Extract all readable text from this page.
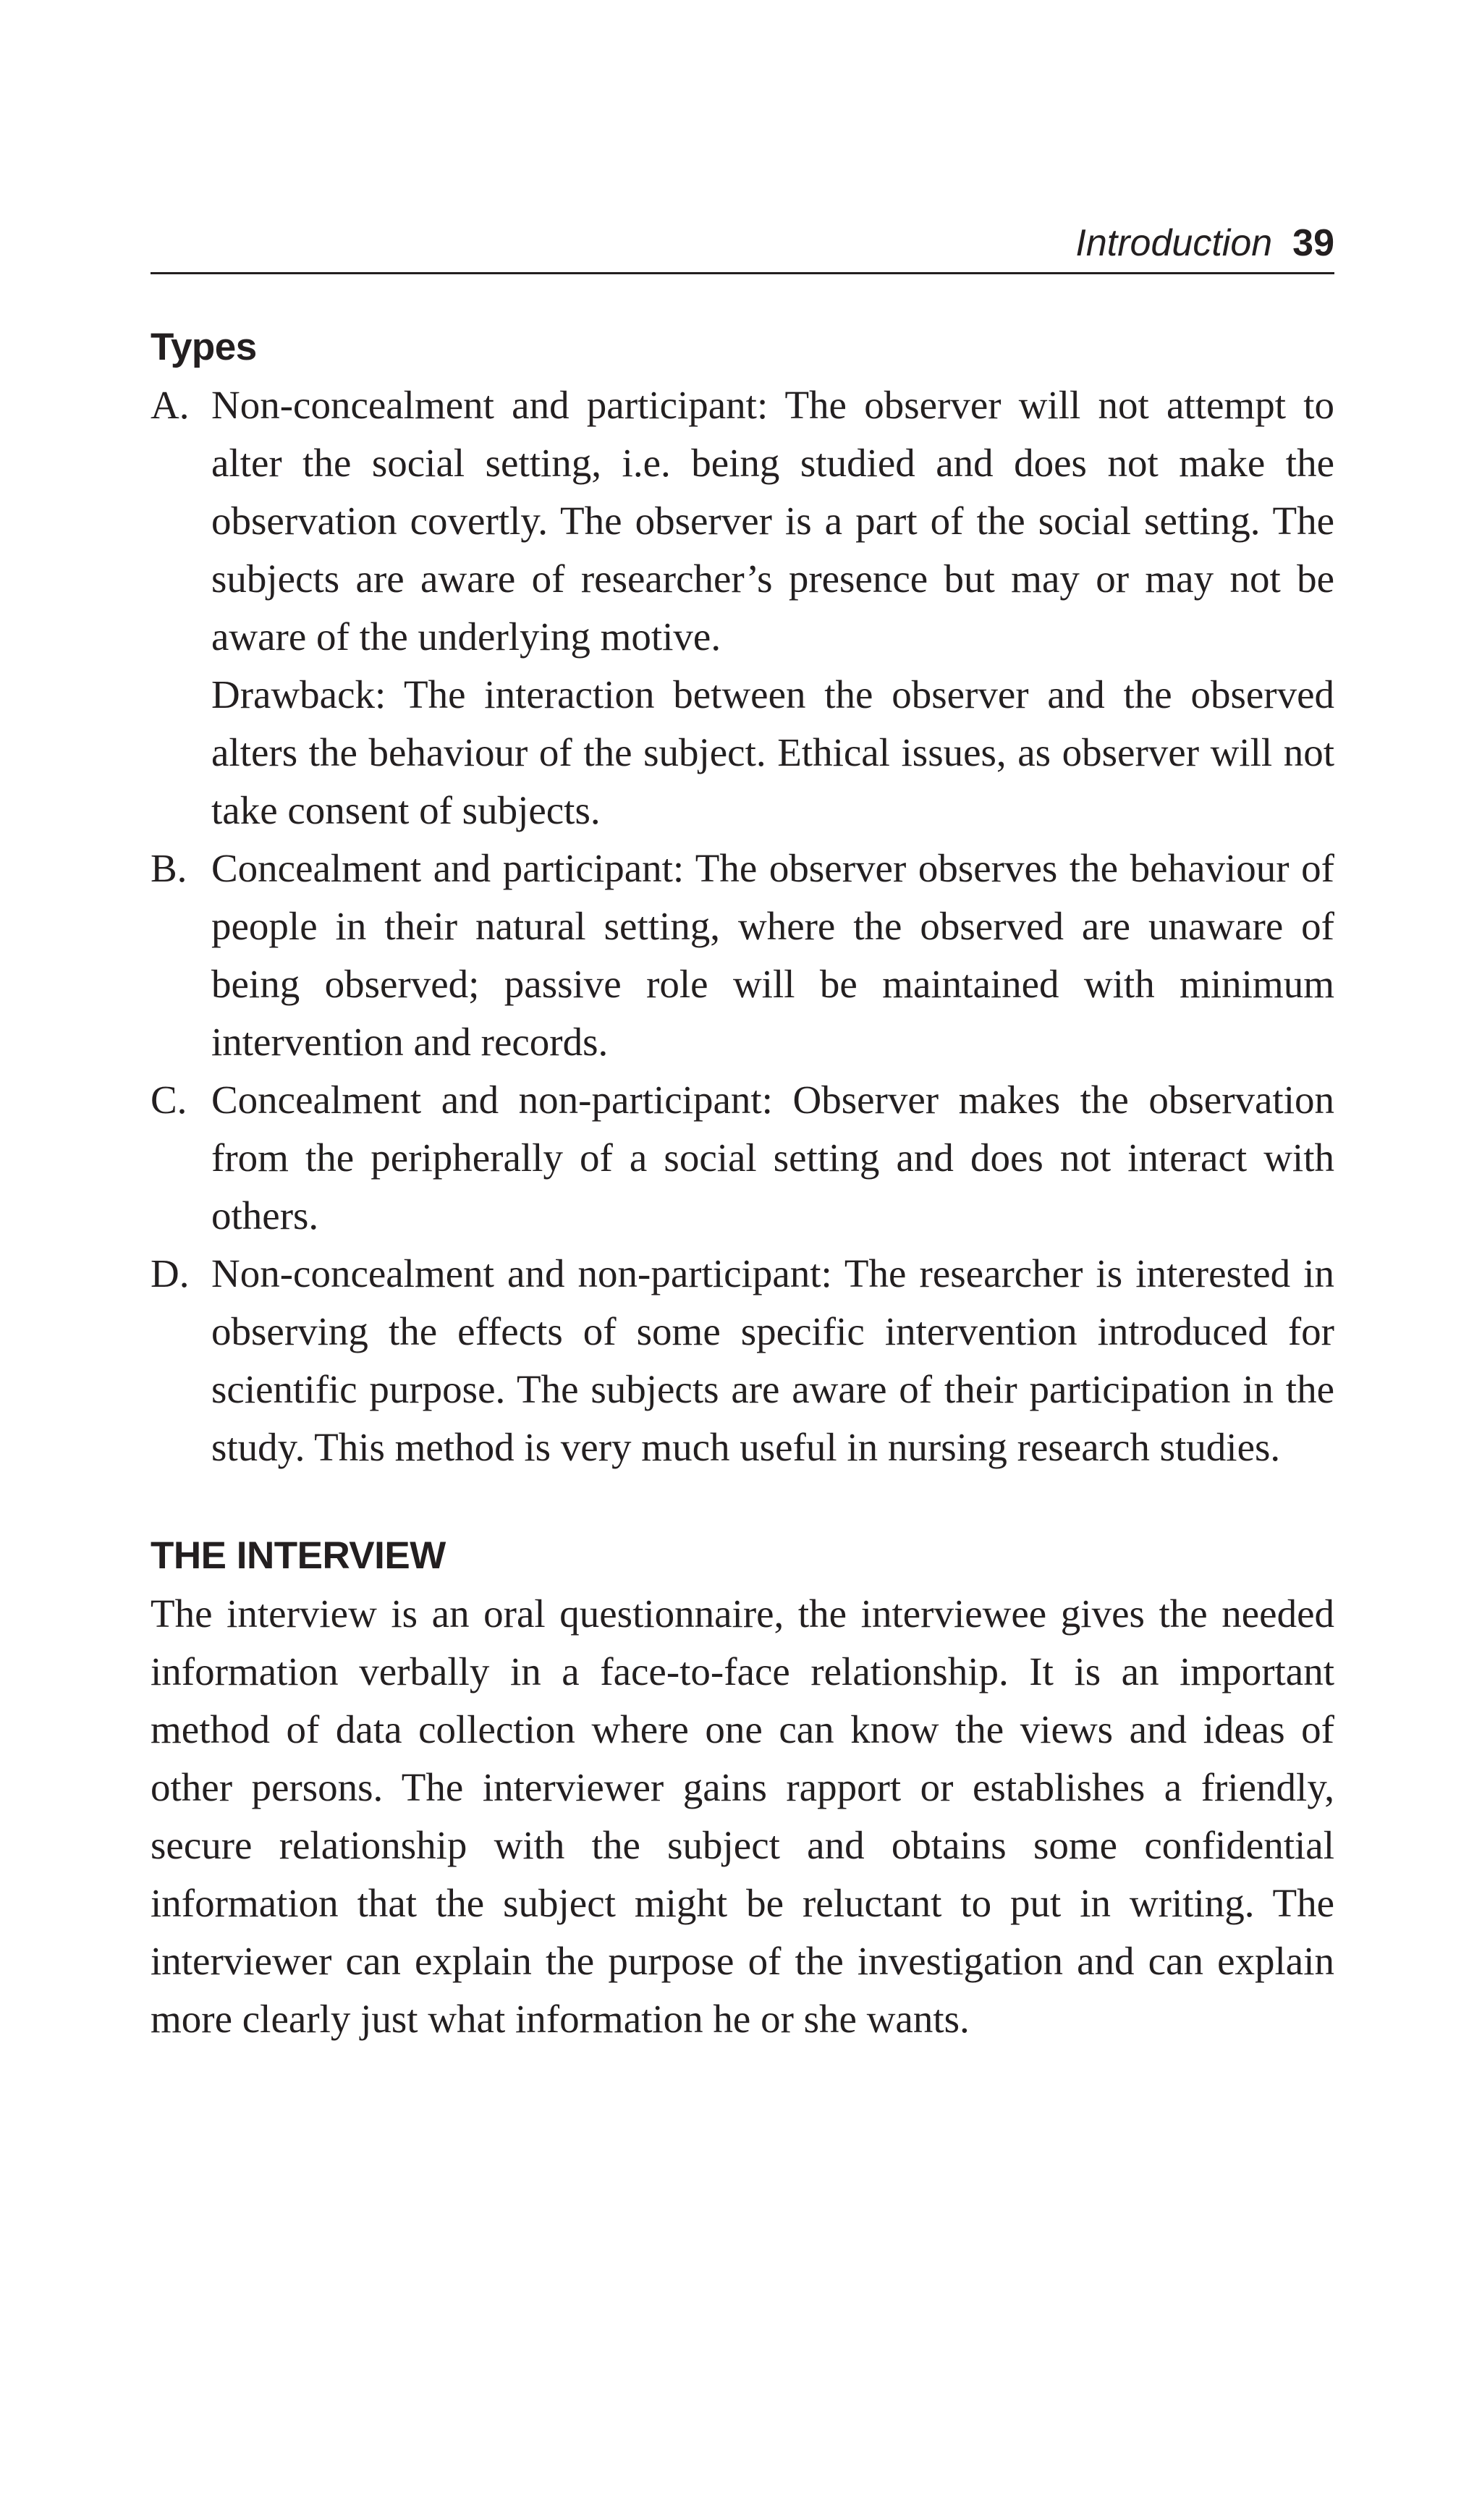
Introduction 39
Types
A. Non-concealment and participant: The observer will not attempt to alter the social setting, i.e. being studied and does not make the observation covertly. The observer is a part of the social setting. The subjects are aware of researcher’s presence but may or may not be aware of the underlying motive.

Drawback: The interaction between the observer and the observed alters the behaviour of the subject. Ethical issues, as observer will not take consent of subjects.

B. Concealment and participant: The observer observes the behaviour of people in their natural setting, where the observed are unaware of being observed; passive role will be maintained with minimum intervention and records.

C. Concealment and non-participant: Observer makes the observation from the peripherally of a social setting and does not interact with others.

D. Non-concealment and non-participant: The researcher is interested in observing the effects of some specific intervention introduced for scientific purpose. The subjects are aware of their participation in the study. This method is very much useful in nursing research studies.

THE INTERVIEW

The interview is an oral questionnaire, the interviewee gives the needed information verbally in a face-to-face relationship. It is an important method of data collection where one can know the views and ideas of other persons. The interviewer gains rapport or establishes a friendly, secure relationship with the subject and obtains some confidential information that the subject might be reluctant to put in writing. The interviewer can explain the purpose of the investigation and can explain more clearly just what information he or she wants.
